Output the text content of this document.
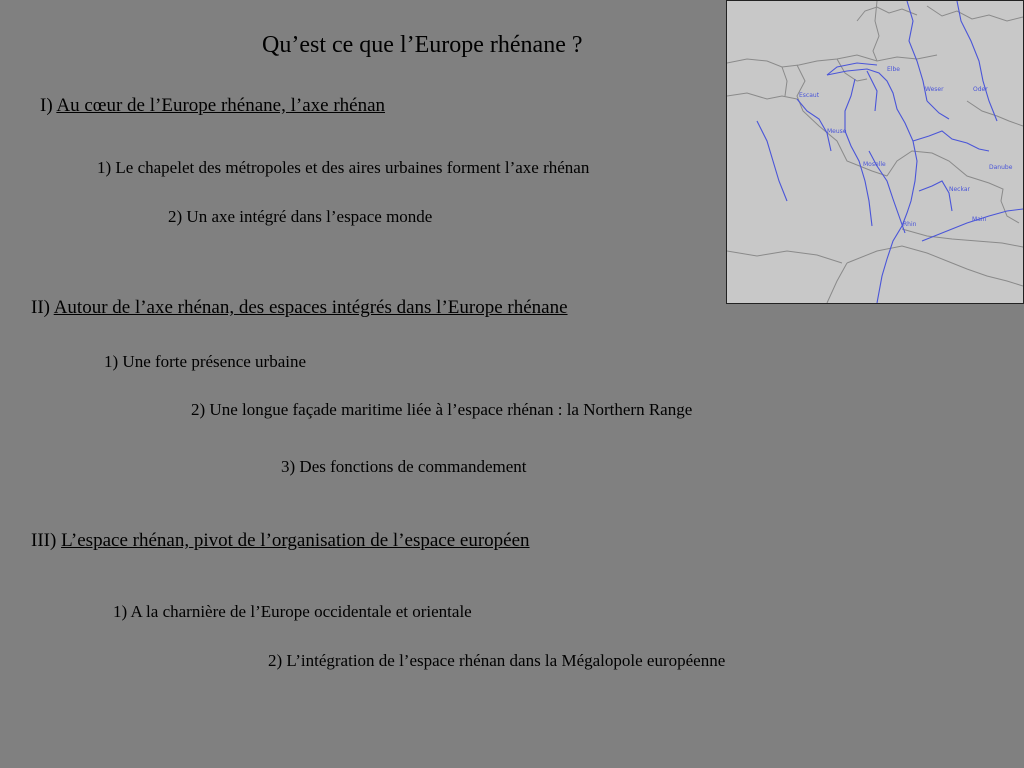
Qu’est ce que l’Europe rhénane ?
I) Au cœur de l’Europe rhénane, l’axe rhénan
1) Le chapelet des métropoles et des aires urbaines forment l’axe rhénan
2) Un axe intégré dans l’espace monde
II) Autour de l’axe rhénan, des espaces intégrés dans l’Europe rhénane
1) Une forte présence urbaine
2) Une longue façade maritime liée à l’espace rhénan : la Northern Range
3) Des fonctions de commandement
III) L’espace rhénan, pivot de l’organisation de l’espace européen
1) A la charnière de l’Europe occidentale et orientale
2) L’intégration de l’espace rhénan dans la Mégalopole européenne
Elbe
Weser
Escaut
Meuse
Moselle
Rhin
Main
Neckar
Danube
Oder
